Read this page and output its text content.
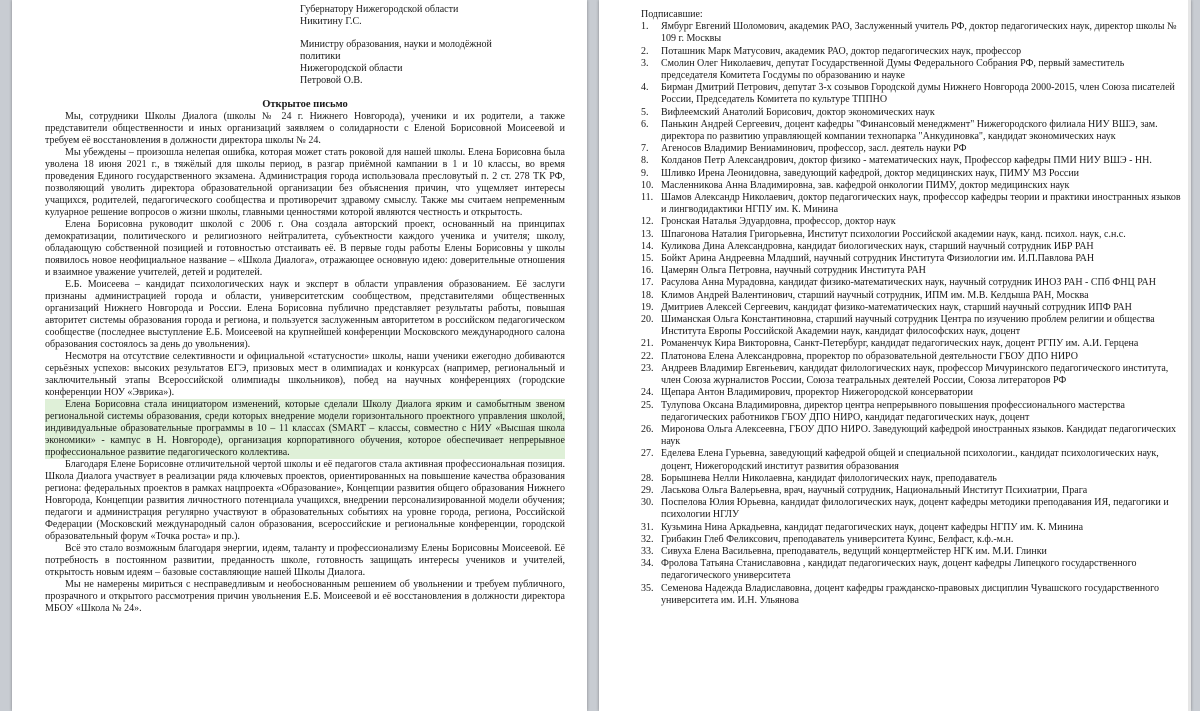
Губернатору Нижегородской области
Никитину Г.С.
Министру образования, науки и молодёжной
политики
Нижегородской области
Петровой О.В.
Открытое письмо

Мы, сотрудники Школы Диалога (школы № 24 г. Нижнего Новгорода), ученики и их родители, а также представители общественности и иных организаций заявляем о солидарности с Еленой Борисовной Моисеевой и требуем её восстановления в должности директора школы № 24.

Мы убеждены – произошла нелепая ошибка, которая может стать роковой для нашей школы. Елена Борисовна была уволена 18 июня 2021 г., в тяжёлый для школы период, в разгар приёмной кампании в 1 и 10 классы, во время проведения Единого государственного экзамена. Администрация города использовала пресловутый п. 2 ст. 278 ТК РФ, позволяющий уволить директора образовательной организации без объяснения причин, что ущемляет интересы учащихся, родителей, педагогического сообщества и противоречит здравому смыслу. Также мы считаем непременным кулуарное решение вопросов о жизни школы, главными ценностями которой являются честность и открытость.

Елена Борисовна руководит школой с 2006 г. Она создала авторский проект, основанный на принципах демократизации, политического и религиозного нейтралитета, субъектности каждого ученика и учителя; школу, обладающую собственной позицией и готовностью отстаивать её. В первые годы работы Елены Борисовны у школы появилось новое неофициальное название – «Школа Диалога», отражающее основную идею: доверительные отношения и взаимное уважение учителей, детей и родителей.

Е.Б. Моисеева – кандидат психологических наук и эксперт в области управления образованием. Её заслуги признаны администрацией города и области, университетским сообществом, представителями общественных организаций Нижнего Новгорода и России. Елена Борисовна публично представляет результаты работы, повышая авторитет системы образования города и региона, и пользуется заслуженным авторитетом в российском педагогическом сообществе (последнее выступление Е.Б. Моисеевой на крупнейшей конференции Московского международного салона образования состоялось за день до увольнения).

Несмотря на отсутствие селективности и официальной «статусности» школы, наши ученики ежегодно добиваются серьёзных успехов: высоких результатов ЕГЭ, призовых мест в олимпиадах и конкурсах (например, региональный и заключительный этапы Всероссийской олимпиады школьников), побед на научных конференциях (городские конференции НОУ «Эврика»).

Елена Борисовна стала инициатором изменений, которые сделали Школу Диалога ярким и самобытным звеном региональной системы образования, среди которых внедрение модели горизонтального проектного управления школой, индивидуальные образовательные программы в 10 – 11 классах (SMART – классы, совместно с НИУ «Высшая школа экономики» - кампус в Н. Новгороде), организация корпоративного обучения, которое обеспечивает непрерывное профессиональное развитие педагогического коллектива.

Благодаря Елене Борисовне отличительной чертой школы и её педагогов стала активная профессиональная позиция. Школа Диалога участвует в реализации ряда ключевых проектов, ориентированных на повышение качества образования региона: федеральных проектов в рамках нацпроекта «Образование», Концепции развития общего образования Нижнего Новгорода, Концепции развития личностного потенциала учащихся, внедрении персонализированной модели обучения; педагоги и администрация регулярно участвуют в образовательных событиях на уровне города, региона, Российской Федерации (Московский международный салон образования, всероссийские и региональные конференции, городской образовательный форум «Точка роста» и пр.).

Всё это стало возможным благодаря энергии, идеям, таланту и профессионализму Елены Борисовны Моисеевой. Её потребность в постоянном развитии, преданность школе, готовность защищать интересы учеников и учителей, открытость новым идеям – базовые составляющие нашей Школы Диалога.

Мы не намерены мириться с несправедливым и необоснованным решением об увольнении и требуем публичного, прозрачного и открытого рассмотрения причин увольнения Е.Б. Моисеевой и её восстановления в должности директора МБОУ «Школа № 24».

Подписавшие:
1.	Ямбург Евгений Шоломович, академик РАО, Заслуженный учитель РФ, доктор педагогических наук, директор школы № 109 г. Москвы
2.	Поташник Марк Матусович, академик РАО, доктор педагогических наук, профессор
3.	Смолин Олег Николаевич, депутат Государственной Думы Федерального Собрания РФ, первый заместитель председателя Комитета Госдумы по образованию и науке
4.	Бирман Дмитрий Петрович, депутат 3-х созывов Городской думы Нижнего Новгорода 2000-2015, член Союза писателей России, Председатель Комитета по культуре ТППНО
5.	Вифлеемский Анатолий Борисович, доктор экономических наук
6.	Панькин Андрей Сергеевич, доцент кафедры "Финансовый менеджмент" Нижегородского филиала НИУ ВШЭ, зам. директора по развитию управляющей компании технопарка "Анкудиновка", кандидат экономических наук
7.	Агеносов Владимир Вениаминович, профессор, засл. деятель науки РФ
8.	Колданов Петр Александрович, доктор физико - математических наук, Профессор кафедры ПМИ НИУ ВШЭ - НН.
9.	Шливко Ирена Леонидовна, заведующий кафедрой, доктор медицинских наук, ПИМУ МЗ России
10. Масленникова Анна Владимировна, зав. кафедрой онкологии ПИМУ, доктор медицинских наук
11. Шамов Александр Николаевич, доктор педагогических наук, профессор кафедры теории и практики иностранных языков и лингводидактики НГПУ им. К. Минина
12. Гронская Наталья Эдуардовна, профессор, доктор наук
13. Шпагонова Наталия Григорьевна, Институт психологии Российской академии наук, канд. психол. наук, с.н.с.
14. Куликова Дина Александровна, кандидат биологических наук, старший научный сотрудник ИБР РАН
15. Бойкт Арина Андреевна Младший, научный сотрудник Института Физиологии им. И.П.Павлова РАН
16. Цамерян Ольга Петровна, научный сотрудник Института РАН
17. Расулова Анна Мурадовна, кандидат физико-математических наук, научный сотрудник ИНОЗ РАН - СПб ФНЦ РАН
18. Климов Андрей Валентинович, старший научный сотрудник, ИПМ им. М.В. Келдыша РАН, Москва
19. Дмитриев Алексей Сергеевич, кандидат физико-математических наук, старший научный сотрудник ИПФ РАН
20. Шиманская Ольга Константиновна, старший научный сотрудник Центра по изучению проблем религии и общества Института Европы Российской Академии наук, кандидат философских наук, доцент
21. Романенчук Кира Викторовна, Санкт-Петербург, кандидат педагогических наук, доцент РГПУ им. А.И. Герцена
22. Платонова Елена Александровна, проректор по образовательной деятельности ГБОУ ДПО НИРО
23. Андреев Владимир Евгеньевич, кандидат филологических наук, профессор Мичуринского педагогического института, член Союза журналистов России, Союза театральных деятелей России, Союза литераторов РФ
24. Щепара Антон Владимирович, проректор Нижегородской консерватории
25. Тулупова Оксана Владимировна, директор центра непрерывного повышения профессионального мастерства педагогических работников ГБОУ ДПО НИРО, кандидат педагогических наук, доцент
26. Миронова Ольга Алексеевна, ГБОУ ДПО НИРО. Заведующий кафедрой иностранных языков. Кандидат педагогических наук
27. Еделева Елена Гурьевна, заведующий кафедрой общей и специальной психологии., кандидат психологических наук, доцент, Нижегородский институт развития образования
28. Борышнева Нелли Николаевна, кандидат филологических наук, преподаватель
29. Ласькова Ольга Валерьевна, врач, научный сотрудник, Национальный Институт Психиатрии, Прага
30. Поспелова Юлия Юрьевна, кандидат филологических наук, доцент кафедры методики преподавания ИЯ, педагогики и психологии НГЛУ
31. Кузьмина Нина Аркадьевна, кандидат педагогических наук, доцент кафедры НГПУ им. К. Минина
32. Грибакин Глеб Феликсович, преподаватель университета Куинс, Белфаст, к.ф.-м.н.
33. Сивуха Елена Васильевна, преподаватель, ведущий концертмейстер НГК им. М.И. Глинки
34. Фролова Татьяна Станиславовна , кандидат педагогических наук, доцент кафедры Липецкого государственного педагогического университета
35. Семенова Надежда Владиславовна, доцент кафедры гражданско-правовых дисциплин Чувашского государственного университета им. И.Н. Ульянова
